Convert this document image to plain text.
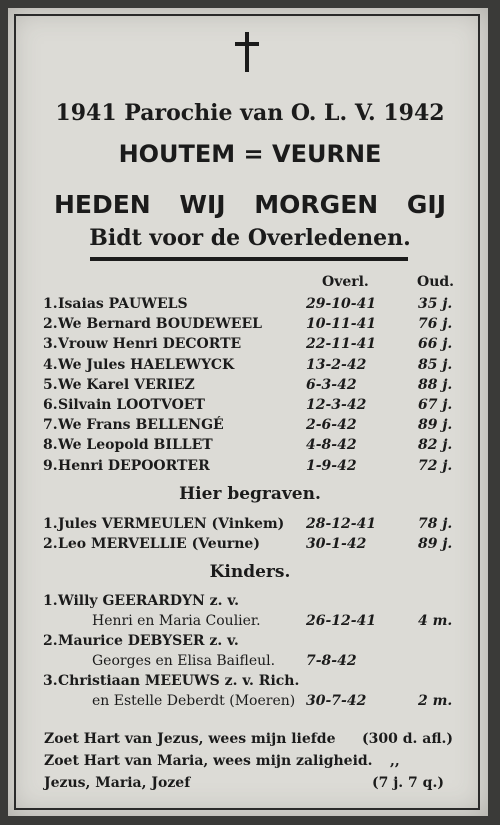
1941 Parochie van O. L. V. 1942
HOUTEM = VEURNE
HEDEN WIJ MORGEN GIJ
Bidt voor de Overledenen.
Overl.	Oud.
1. Isaias PAUWELS	29-10-41	35 j.
2. We Bernard BOUDEWEEL	10-11-41	76 j.
3. Vrouw Henri DECORTE	22-11-41	66 j.
4. We Jules HAELEWYCK	13-2-42	85 j.
5. We Karel VERIEZ	6-3-42	88 j.
6. Silvain LOOTVOET	12-3-42	67 j.
7. We Frans BELLENGÉ	2-6-42	89 j.
8. We Leopold BILLET	4-8-42	82 j.
9. Henri DEPOORTER	1-9-42	72 j.
Hier begraven.
1. Jules VERMEULEN (Vinkem) 28-12-41	78 j.
2. Leo MERVELLIE (Veurne)	30-1-42	89 j.
Kinders.
1. Willy GEERARDYN z. v.
26-12-41	4 m.
Henri en Maria Coulier.
2. Maurice DEBYSER z. v.
7-8-42
Georges en Elisa Baifleul.
3. Christiaan MEEUWS z. v. Rich.
30-7-42	2 m.
en Estelle Deberdt (Moeren)
Zoet Hart van Jezus, wees mijn liefde (300 d. afl.)
Zoet Hart van Maria, wees mijn zaligheid. ,,
Jezus, Maria, Jozef	(7 j. 7 q.)
